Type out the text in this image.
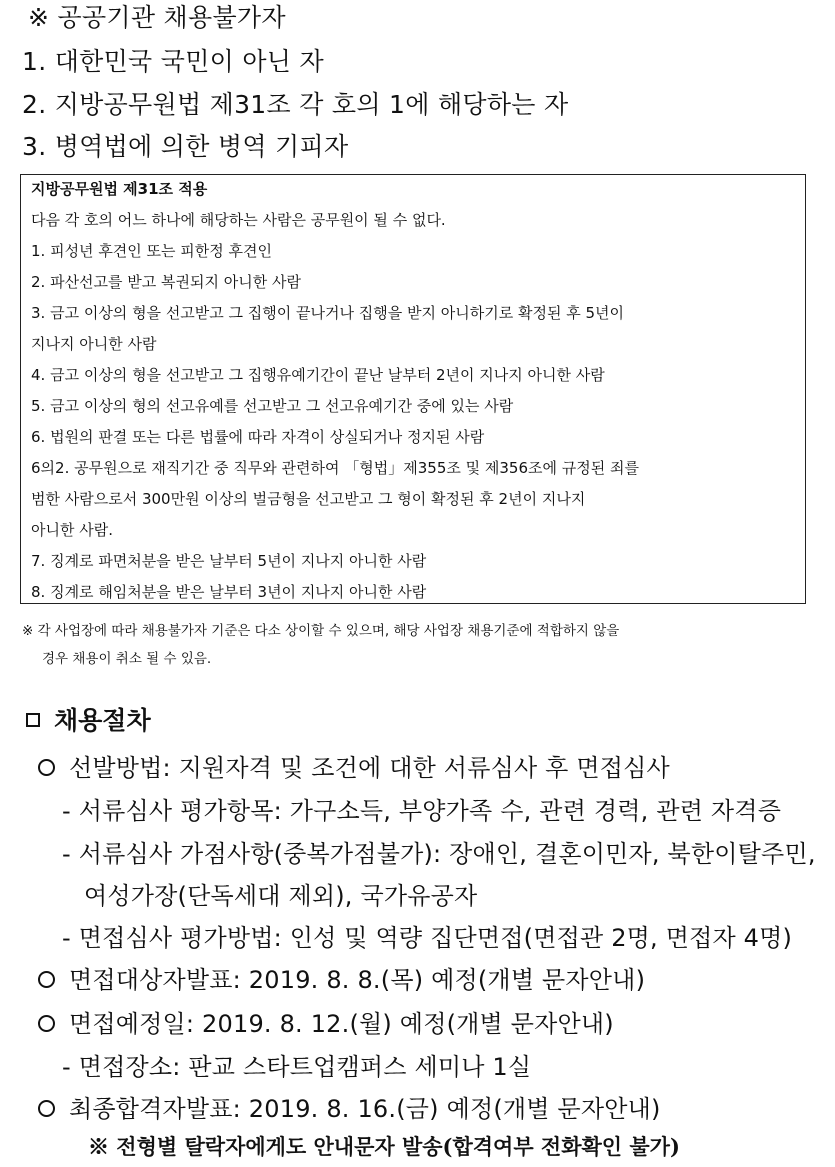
※ 공공기관 채용불가자
1. 대한민국 국민이 아닌 자
2. 지방공무원법 제31조 각 호의 1에 해당하는 자
3. 병역법에 의한 병역 기피자
지방공무원법 제31조 적용
다음 각 호의 어느 하나에 해당하는 사람은 공무원이 될 수 없다.
1. 피성년 후견인 또는 피한정 후견인
2. 파산선고를 받고 복권되지 아니한 사람
3. 금고 이상의 형을 선고받고 그 집행이 끝나거나 집행을 받지 아니하기로 확정된 후 5년이
지나지 아니한 사람
4. 금고 이상의 형을 선고받고 그 집행유예기간이 끝난 날부터 2년이 지나지 아니한 사람
5. 금고 이상의 형의 선고유예를 선고받고 그 선고유예기간 중에 있는 사람
6. 법원의 판결 또는 다른 법률에 따라 자격이 상실되거나 정지된 사람
6의2. 공무원으로 재직기간 중 직무와 관련하여 「형법」제355조 및 제356조에 규정된 죄를
범한 사람으로서 300만원 이상의 벌금형을 선고받고 그 형이 확정된 후 2년이 지나지
아니한 사람.
7. 징계로 파면처분을 받은 날부터 5년이 지나지 아니한 사람
8. 징계로 해임처분을 받은 날부터 3년이 지나지 아니한 사람
※ 각 사업장에 따라 채용불가자 기준은 다소 상이할 수 있으며, 해당 사업장 채용기준에 적합하지 않을
경우 채용이 취소 될 수 있음.
채용절차
선발방법: 지원자격 및 조건에 대한 서류심사 후 면접심사
- 서류심사 평가항목: 가구소득, 부양가족 수, 관련 경력, 관련 자격증
- 서류심사 가점사항(중복가점불가): 장애인, 결혼이민자, 북한이탈주민,
여성가장(단독세대 제외), 국가유공자
- 면접심사 평가방법: 인성 및 역량 집단면접(면접관 2명, 면접자 4명)
면접대상자발표: 2019. 8. 8.(목) 예정(개별 문자안내)
면접예정일: 2019. 8. 12.(월) 예정(개별 문자안내)
- 면접장소: 판교 스타트업캠퍼스 세미나 1실
최종합격자발표: 2019. 8. 16.(금) 예정(개별 문자안내)
※ 전형별 탈락자에게도 안내문자 발송(합격여부 전화확인 불가)
